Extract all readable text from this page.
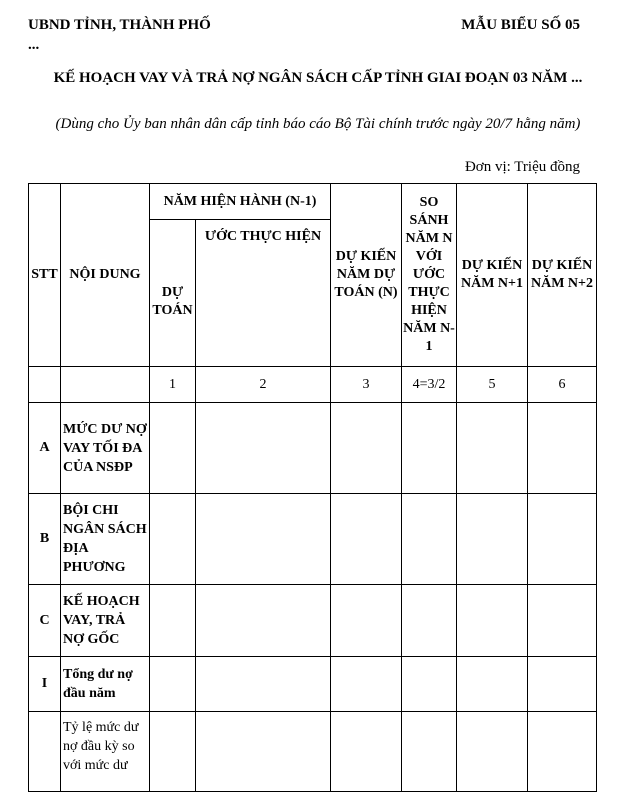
UBND TỈNH, THÀNH PHỐ ...
MẪU BIỂU SỐ 05
KẾ HOẠCH VAY VÀ TRẢ NỢ NGÂN SÁCH CẤP TỈNH GIAI ĐOẠN 03 NĂM ...
(Dùng cho Ủy ban nhân dân cấp tỉnh báo cáo Bộ Tài chính trước ngày 20/7 hằng năm)
Đơn vị: Triệu đồng
STT	NỘI DUNG	NĂM HIỆN HÀNH (N-1)		DỰ KIẾN NĂM DỰ TOÁN (N)	SO SÁNH NĂM N VỚI ƯỚC THỰC HIỆN NĂM N-1	DỰ KIẾN NĂM N+1	DỰ KIẾN NĂM N+2
		DỰ TOÁN	ƯỚC THỰC HIỆN				
		1	2	3	4=3/2	5	6
A	MỨC DƯ NỢ VAY TỐI ĐA CỦA NSĐP						
B	BỘI CHI NGÂN SÁCH ĐỊA PHƯƠNG						
C	KẾ HOẠCH VAY, TRẢ NỢ GỐC						
I	Tổng dư nợ đầu năm						
	Tỷ lệ mức dư nợ đầu kỳ so với mức dư						
